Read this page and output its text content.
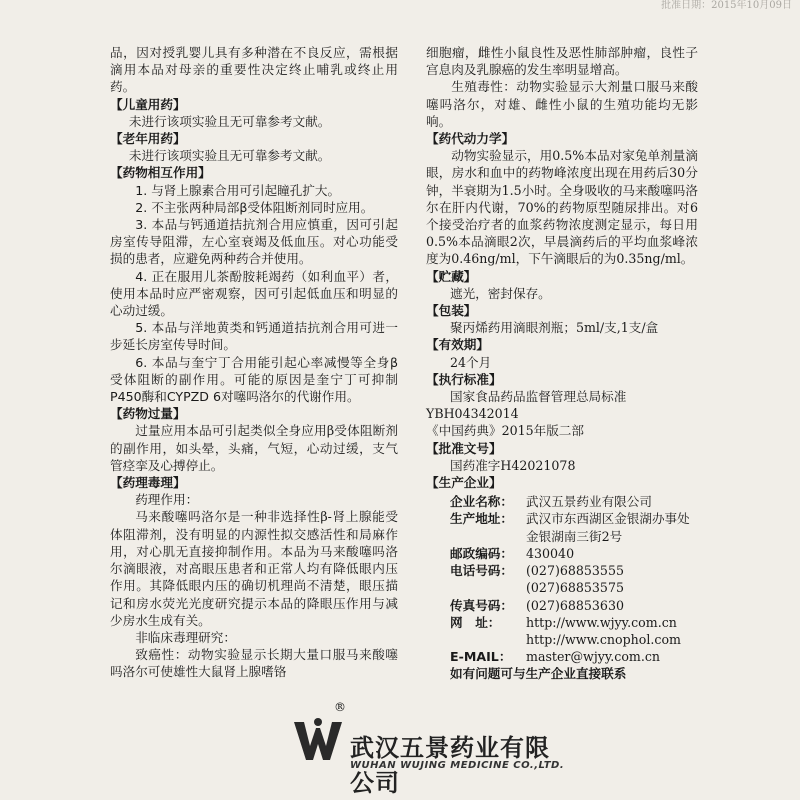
批准日期：2015年10月09日

品，因对授乳婴儿具有多种潜在不良反应，需根据滴用本品对母亲的重要性决定终止哺乳或终止用药。

【儿童用药】

未进行该项实验且无可靠参考文献。

【老年用药】

未进行该项实验且无可靠参考文献。

【药物相互作用】

1. 与肾上腺素合用可引起瞳孔扩大。

2. 不主张两种局部β受体阻断剂同时应用。

3. 本品与钙通道拮抗剂合用应慎重，因可引起房室传导阻滞，左心室衰竭及低血压。对心功能受损的患者，应避免两种药合并使用。

4. 正在服用儿茶酚胺耗竭药（如利血平）者，使用本品时应严密观察，因可引起低血压和明显的心动过缓。

5. 本品与洋地黄类和钙通道拮抗剂合用可进一步延长房室传导时间。

6. 本品与奎宁丁合用能引起心率减慢等全身β受体阻断的副作用。可能的原因是奎宁丁可抑制P450酶和CYPZD 6对噻吗洛尔的代谢作用。

【药物过量】

过量应用本品可引起类似全身应用β受体阻断剂的副作用，如头晕，头痛，气短，心动过缓，支气管痉挛及心搏停止。

【药理毒理】

药理作用：

马来酸噻吗洛尔是一种非选择性β-肾上腺能受体阻滞剂，没有明显的内源性拟交感活性和局麻作用，对心肌无直接抑制作用。本品为马来酸噻吗洛尔滴眼液，对高眼压患者和正常人均有降低眼内压作用。其降低眼内压的确切机理尚不清楚，眼压描记和房水荧光光度研究提示本品的降眼压作用与减少房水生成有关。

非临床毒理研究：

致癌性：动物实验显示长期大量口服马来酸噻吗洛尔可使雄性大鼠肾上腺嗜铬

细胞瘤，雌性小鼠良性及恶性肺部肿瘤，良性子宫息肉及乳腺癌的发生率明显增高。

生殖毒性：动物实验显示大剂量口服马来酸噻吗洛尔，对雄、雌性小鼠的生殖功能均无影响。

【药代动力学】

动物实验显示，用0.5%本品对家兔单剂量滴眼，房水和血中的药物峰浓度出现在用药后30分钟，半衰期为1.5小时。全身吸收的马来酸噻吗洛尔在肝内代谢，70%的药物原型随尿排出。对6个接受治疗者的血浆药物浓度测定显示，每日用0.5%本品滴眼2次，早晨滴药后的平均血浆峰浓度为0.46ng/ml，下午滴眼后的为0.35ng/ml。

【贮藏】

遮光，密封保存。

【包装】

聚丙烯药用滴眼剂瓶；5ml/支,1支/盒

【有效期】

24个月

【执行标准】

国家食品药品监督管理总局标准

YBH04342014

《中国药典》2015年版二部

【批准文号】

国药准字H42021078

【生产企业】

企业名称：	武汉五景药业有限公司
生产地址：	武汉市东西湖区金银湖办事处金银湖南三街2号
邮政编码：	430040
电话号码：	(027)68853555
(027)68853575
传真号码：	(027)68853630
网　址：	http://www.wjyy.com.cn
http://www.cnophol.com
E-MAIL：	master@wjyy.com.cn

如有问题可与生产企业直接联系

®
武汉五景药业有限公司
WUHAN WUJING MEDICINE CO.,LTD.
